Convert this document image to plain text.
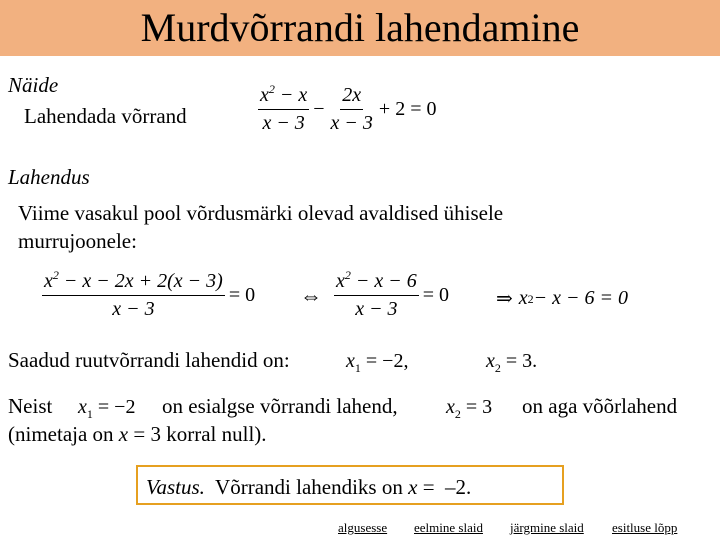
Murdvõrrandi lahendamine
Näide
Lahendada võrrand	$\frac{x^2 - x}{x - 3} - \frac{2x}{x - 3} + 2 = 0$
Lahendus
Viime vasakul pool võrdusmärki olevad avaldised ühisele
murrujoonele:
$\frac{x^2 - x - 2x + 2(x - 3)}{x - 3} = 0$ ⇔ $\frac{x^2 - x - 6}{x - 3} = 0$ ⇒ x 2 − x − 6 = 0
Saadud ruutvõrrandi lahendid on:	$x_1 = -2$,	$x_2 = 3$.
Neist $x_1 = -2$ on esialgse võrrandi lahend, $x_2 = 3$ on aga võõrlahend
(nimetaja on x = 3 korral null).
Vastus.  Võrrandi lahendiks on x =  –2.
algusesse eelmine slaid järgmine slaid esitluse lõpp
